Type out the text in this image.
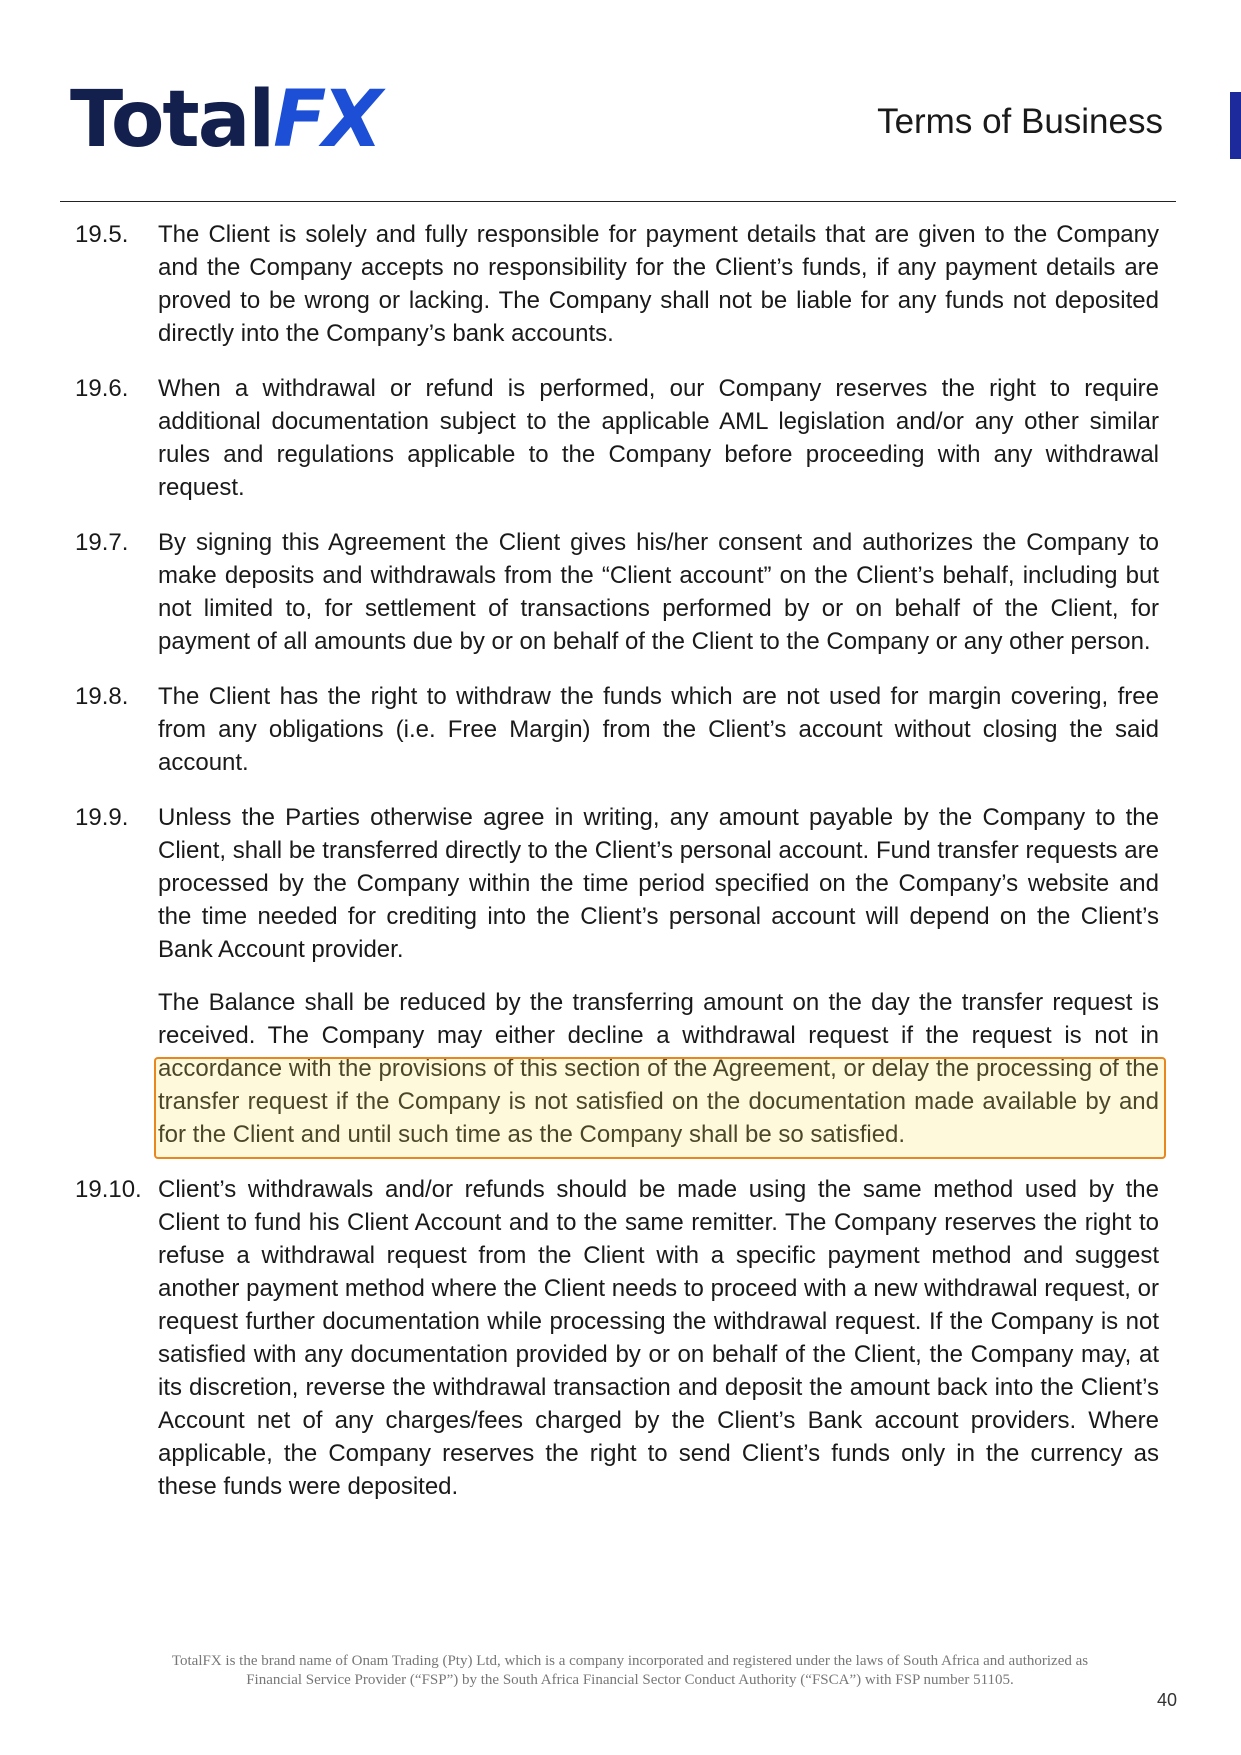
TotalFX	Terms of Business
19.5. The Client is solely and fully responsible for payment details that are given to the Company and the Company accepts no responsibility for the Client’s funds, if any payment details are proved to be wrong or lacking. The Company shall not be liable for any funds not deposited directly into the Company’s bank accounts.
19.6. When a withdrawal or refund is performed, our Company reserves the right to require additional documentation subject to the applicable AML legislation and/or any other similar rules and regulations applicable to the Company before proceeding with any withdrawal request.
19.7. By signing this Agreement the Client gives his/her consent and authorizes the Company to make deposits and withdrawals from the “Client account” on the Client’s behalf, including but not limited to, for settlement of transactions performed by or on behalf of the Client, for payment of all amounts due by or on behalf of the Client to the Company or any other person.
19.8. The Client has the right to withdraw the funds which are not used for margin covering, free from any obligations (i.e. Free Margin) from the Client’s account without closing the said account.
19.9. Unless the Parties otherwise agree in writing, any amount payable by the Company to the Client, shall be transferred directly to the Client’s personal account. Fund transfer requests are processed by the Company within the time period specified on the Company’s website and the time needed for crediting into the Client’s personal account will depend on the Client’s Bank Account provider.
The Balance shall be reduced by the transferring amount on the day the transfer request is received. The Company may either decline a withdrawal request if the request is not in accordance with the provisions of this section of the Agreement, or delay the processing of the transfer request if the Company is not satisfied on the documentation made available by and for the Client and until such time as the Company shall be so satisfied.
19.10. Client’s withdrawals and/or refunds should be made using the same method used by the Client to fund his Client Account and to the same remitter. The Company reserves the right to refuse a withdrawal request from the Client with a specific payment method and suggest another payment method where the Client needs to proceed with a new withdrawal request, or request further documentation while processing the withdrawal request. If the Company is not satisfied with any documentation provided by or on behalf of the Client, the Company may, at its discretion, reverse the withdrawal transaction and deposit the amount back into the Client’s Account net of any charges/fees charged by the Client’s Bank account providers. Where applicable, the Company reserves the right to send Client’s funds only in the currency as these funds were deposited.
TotalFX is the brand name of Onam Trading (Pty) Ltd, which is a company incorporated and registered under the laws of South Africa and authorized as
Financial Service Provider (“FSP”) by the South Africa Financial Sector Conduct Authority (“FSCA”) with FSP number 51105.
40
